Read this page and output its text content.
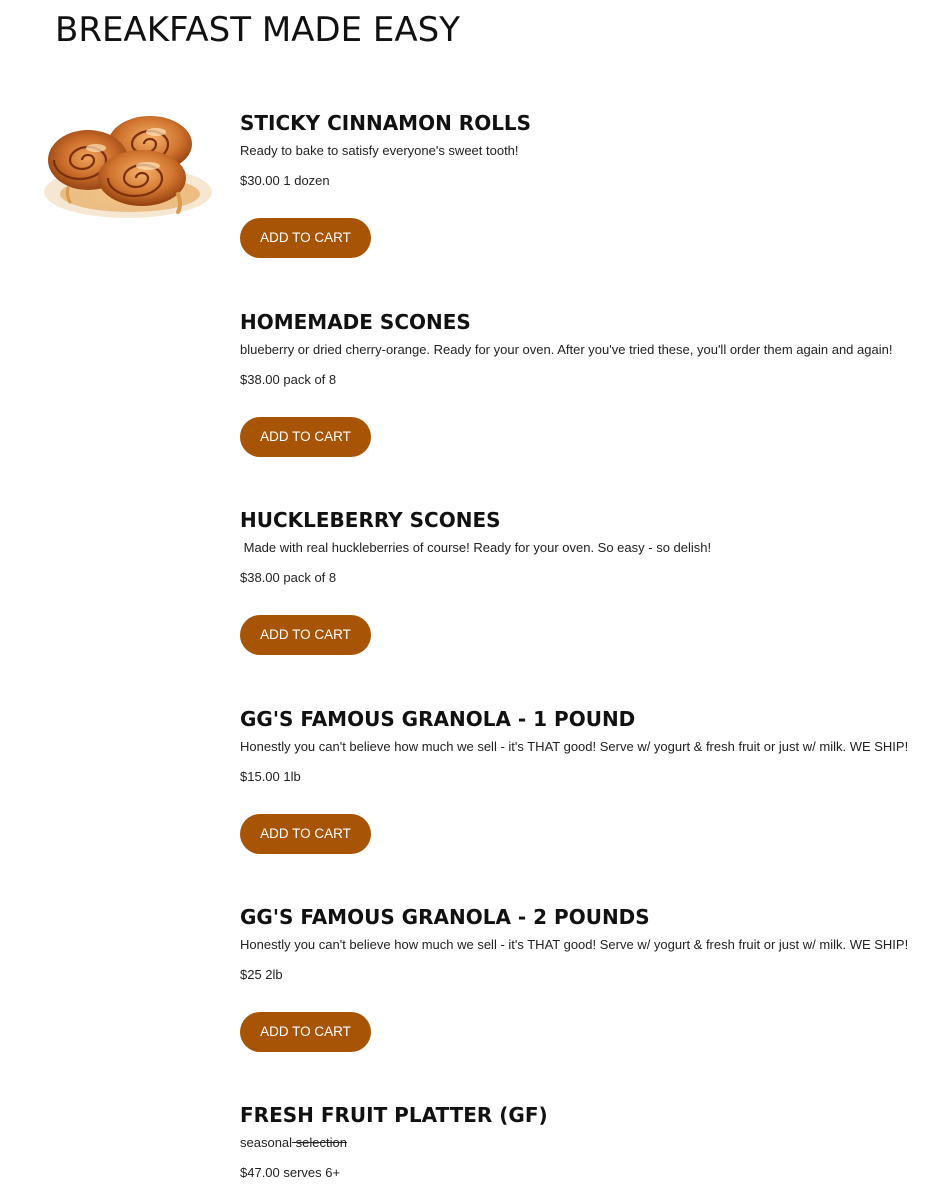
BREAKFAST MADE EASY
STICKY CINNAMON ROLLS
Ready to bake to satisfy everyone's sweet tooth!
$30.00 1 dozen
ADD TO CART
HOMEMADE SCONES
blueberry or dried cherry-orange. Ready for your oven. After you've tried these, you'll order them again and again!
$38.00 pack of 8
ADD TO CART
HUCKLEBERRY SCONES
Made with real huckleberries of course! Ready for your oven. So easy - so delish!
$38.00 pack of 8
ADD TO CART
GG'S FAMOUS GRANOLA - 1 POUND
Honestly you can't believe how much we sell - it's THAT good! Serve w/ yogurt & fresh fruit or just w/ milk. WE SHIP!
$15.00 1lb
ADD TO CART
GG'S FAMOUS GRANOLA - 2 POUNDS
Honestly you can't believe how much we sell - it's THAT good! Serve w/ yogurt & fresh fruit or just w/ milk. WE SHIP!
$25 2lb
ADD TO CART
FRESH FRUIT PLATTER (GF)
seasonal selection
$47.00 serves 6+
